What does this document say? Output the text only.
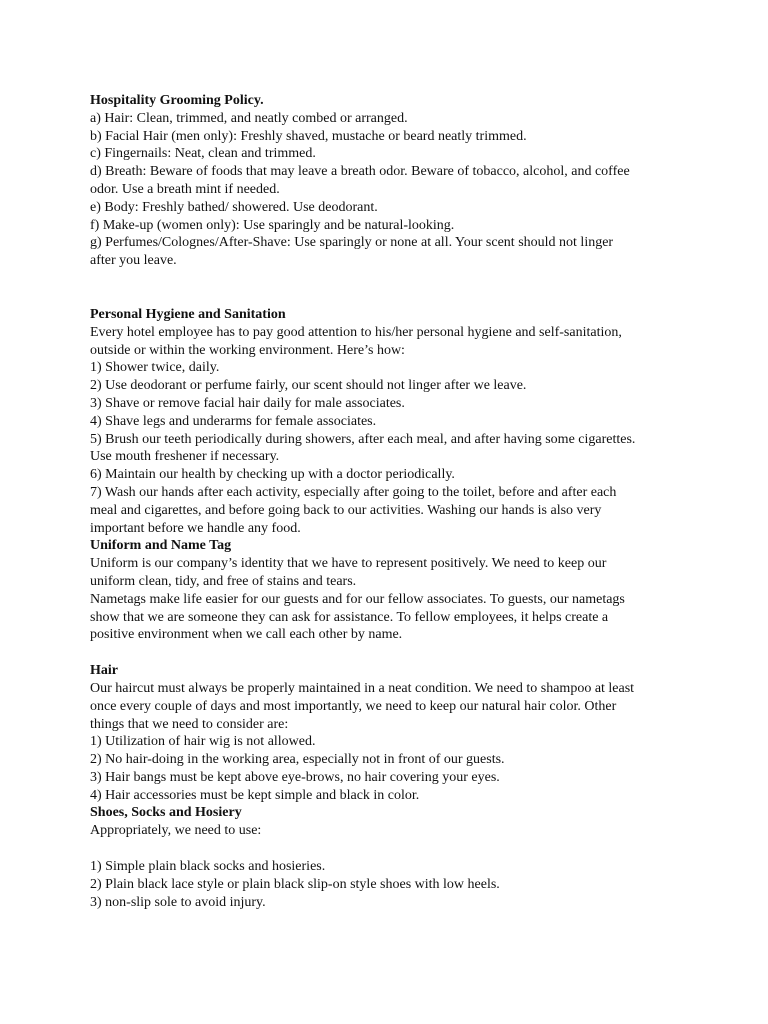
Hospitality Grooming Policy.

a) Hair: Clean, trimmed, and neatly combed or arranged.

b) Facial Hair (men only): Freshly shaved, mustache or beard neatly trimmed.

c) Fingernails: Neat, clean and trimmed.

d) Breath: Beware of foods that may leave a breath odor. Beware of tobacco, alcohol, and coffee

odor. Use a breath mint if needed.

e) Body: Freshly bathed/ showered. Use deodorant.

f) Make-up (women only): Use sparingly and be natural-looking.

g) Perfumes/Colognes/After-Shave: Use sparingly or none at all. Your scent should not linger

after you leave.

Personal Hygiene and Sanitation

Every hotel employee has to pay good attention to his/her personal hygiene and self-sanitation,

outside or within the working environment. Here’s how:

1) Shower twice, daily.

2) Use deodorant or perfume fairly, our scent should not linger after we leave.

3) Shave or remove facial hair daily for male associates.

4) Shave legs and underarms for female associates.

5) Brush our teeth periodically during showers, after each meal, and after having some cigarettes.

Use mouth freshener if necessary.

6) Maintain our health by checking up with a doctor periodically.

7) Wash our hands after each activity, especially after going to the toilet, before and after each

meal and cigarettes, and before going back to our activities. Washing our hands is also very

important before we handle any food.

Uniform and Name Tag

Uniform is our company’s identity that we have to represent positively. We need to keep our

uniform clean, tidy, and free of stains and tears.

Nametags make life easier for our guests and for our fellow associates. To guests, our nametags

show that we are someone they can ask for assistance. To fellow employees, it helps create a

positive environment when we call each other by name.

Hair

Our haircut must always be properly maintained in a neat condition. We need to shampoo at least

once every couple of days and most importantly, we need to keep our natural hair color. Other

things that we need to consider are:

1) Utilization of hair wig is not allowed.

2) No hair-doing in the working area, especially not in front of our guests.

3) Hair bangs must be kept above eye-brows, no hair covering your eyes.

4) Hair accessories must be kept simple and black in color.

Shoes, Socks and Hosiery

Appropriately, we need to use:

1) Simple plain black socks and hosieries.

2) Plain black lace style or plain black slip-on style shoes with low heels.

3) non-slip sole to avoid injury.
